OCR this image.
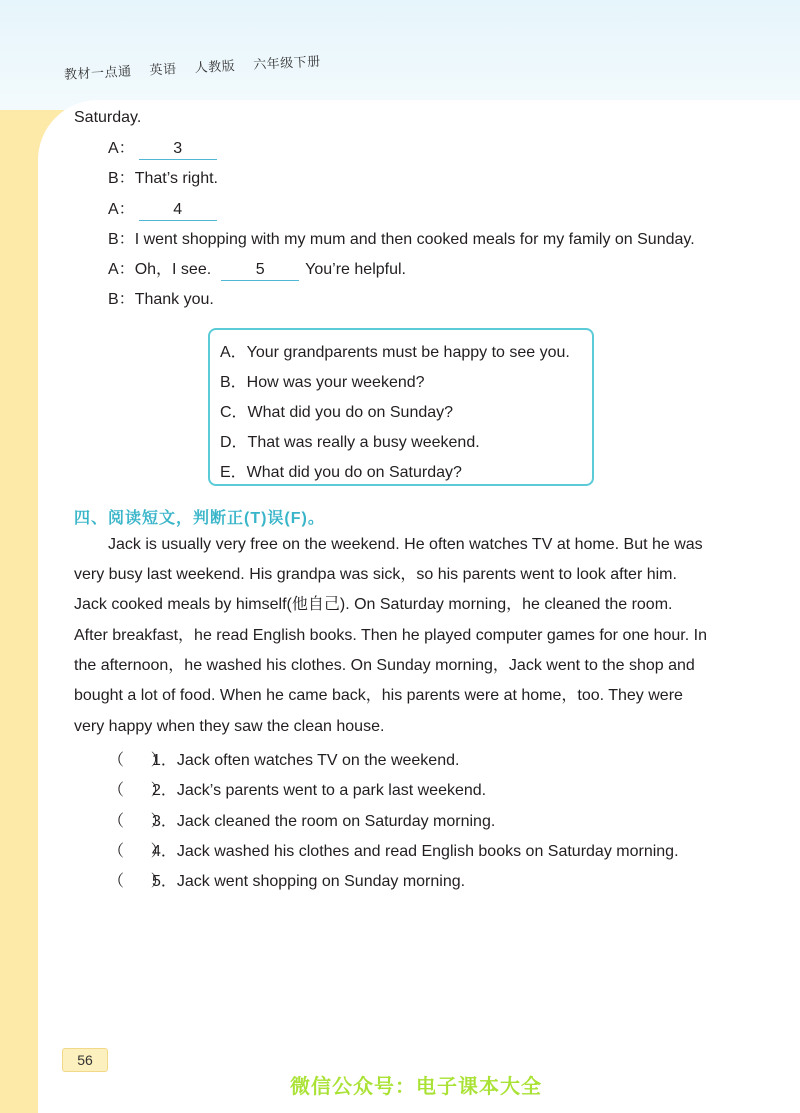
教材一点通 英语 人教版 六年级下册
Saturday.
A： 3
B：That’s right.
A： 4
B：I went shopping with my mum and then cooked meals for my family on Sunday.
A：Oh，I see.	5	You’re helpful.
B：Thank you.
A．Your grandparents must be happy to see you.
B．How was your weekend?
C．What did you do on Sunday?
D．That was really a busy weekend.
E．What did you do on Saturday?
四、阅读短文，判断正(T)误(F)。
Jack is usually very free on the weekend. He often watches TV at home. But he was
very busy last weekend. His grandpa was sick，so his parents went to look after him.
Jack cooked meals by himself(他自己). On Saturday morning，he cleaned the room.
After breakfast，he read English books. Then he played computer games for one hour. In
the afternoon，he washed his clothes. On Sunday morning，Jack went to the shop and
bought a lot of food. When he came back，his parents were at home，too. They were
very happy when they saw the clean house.
（      ）1．Jack often watches TV on the weekend.
（      ）2．Jack’s parents went to a park last weekend.
（      ）3．Jack cleaned the room on Saturday morning.
（      ）4．Jack washed his clothes and read English books on Saturday morning.
（      ）5．Jack went shopping on Sunday morning.
56
微信公众号：电子课本大全
